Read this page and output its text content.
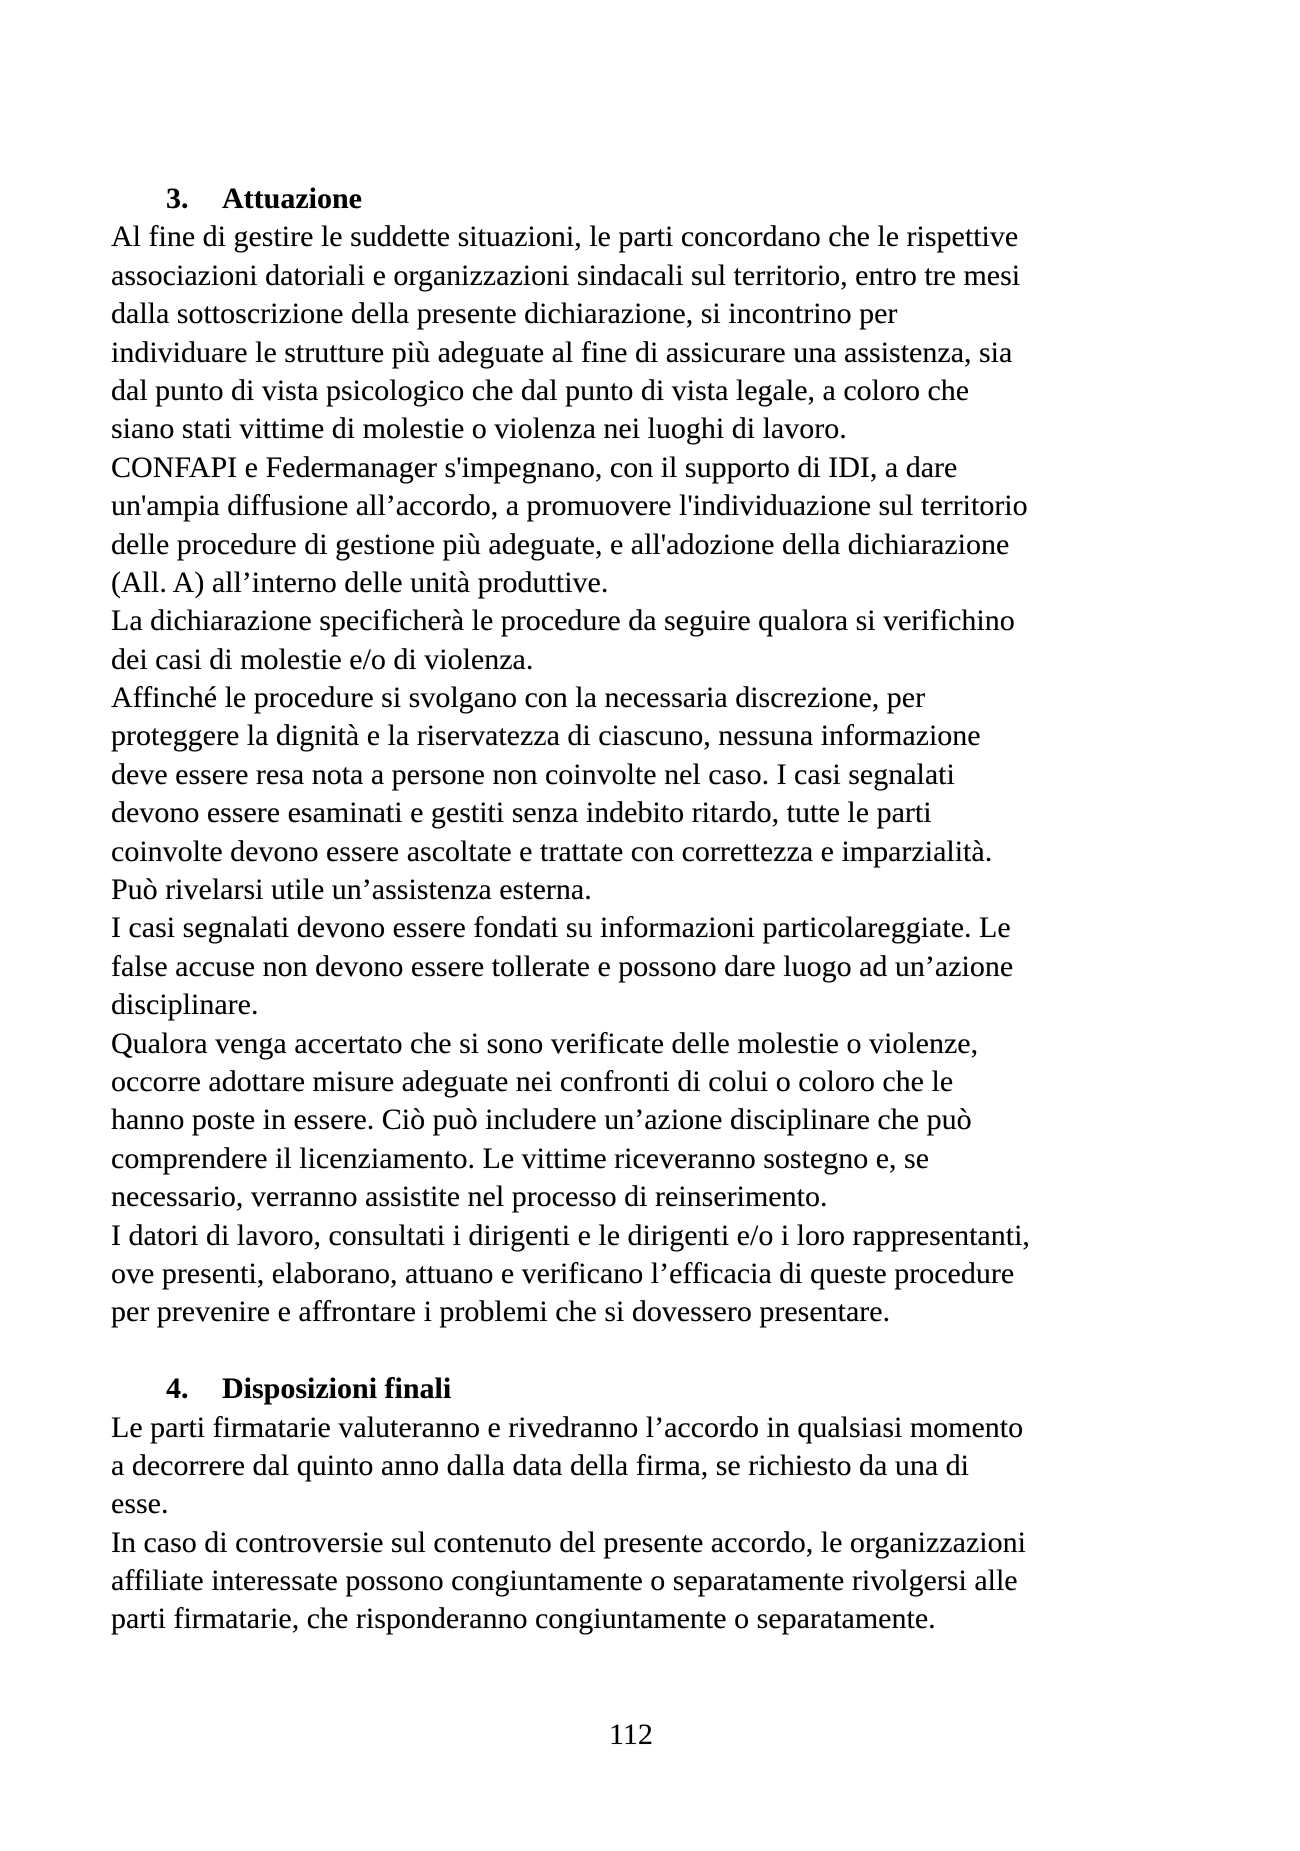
3. Attuazione
Al fine di gestire le suddette situazioni, le parti concordano che le rispettive
associazioni datoriali e organizzazioni sindacali sul territorio, entro tre mesi
dalla sottoscrizione della presente dichiarazione, si incontrino per
individuare le strutture più adeguate al fine di assicurare una assistenza, sia
dal punto di vista psicologico che dal punto di vista legale, a coloro che
siano stati vittime di molestie o violenza nei luoghi di lavoro.
CONFAPI e Federmanager s'impegnano, con il supporto di IDI, a dare
un'ampia diffusione all’accordo, a promuovere l'individuazione sul territorio
delle procedure di gestione più adeguate, e all'adozione della dichiarazione
(All. A) all’interno delle unità produttive.
La dichiarazione specificherà le procedure da seguire qualora si verifichino
dei casi di molestie e/o di violenza.
Affinché le procedure si svolgano con la necessaria discrezione, per
proteggere la dignità e la riservatezza di ciascuno, nessuna informazione
deve essere resa nota a persone non coinvolte nel caso. I casi segnalati
devono essere esaminati e gestiti senza indebito ritardo, tutte le parti
coinvolte devono essere ascoltate e trattate con correttezza e imparzialità.
Può rivelarsi utile un’assistenza esterna.
I casi segnalati devono essere fondati su informazioni particolareggiate. Le
false accuse non devono essere tollerate e possono dare luogo ad un’azione
disciplinare.
Qualora venga accertato che si sono verificate delle molestie o violenze,
occorre adottare misure adeguate nei confronti di colui o coloro che le
hanno poste in essere. Ciò può includere un’azione disciplinare che può
comprendere il licenziamento. Le vittime riceveranno sostegno e, se
necessario, verranno assistite nel processo di reinserimento.
I datori di lavoro, consultati i dirigenti e le dirigenti e/o i loro rappresentanti,
ove presenti, elaborano, attuano e verificano l’efficacia di queste procedure
per prevenire e affrontare i problemi che si dovessero presentare.
4. Disposizioni finali
Le parti firmatarie valuteranno e rivedranno l’accordo in qualsiasi momento
a decorrere dal quinto anno dalla data della firma, se richiesto da una di
esse.
In caso di controversie sul contenuto del presente accordo, le organizzazioni
affiliate interessate possono congiuntamente o separatamente rivolgersi alle
parti firmatarie, che risponderanno congiuntamente o separatamente.
112
